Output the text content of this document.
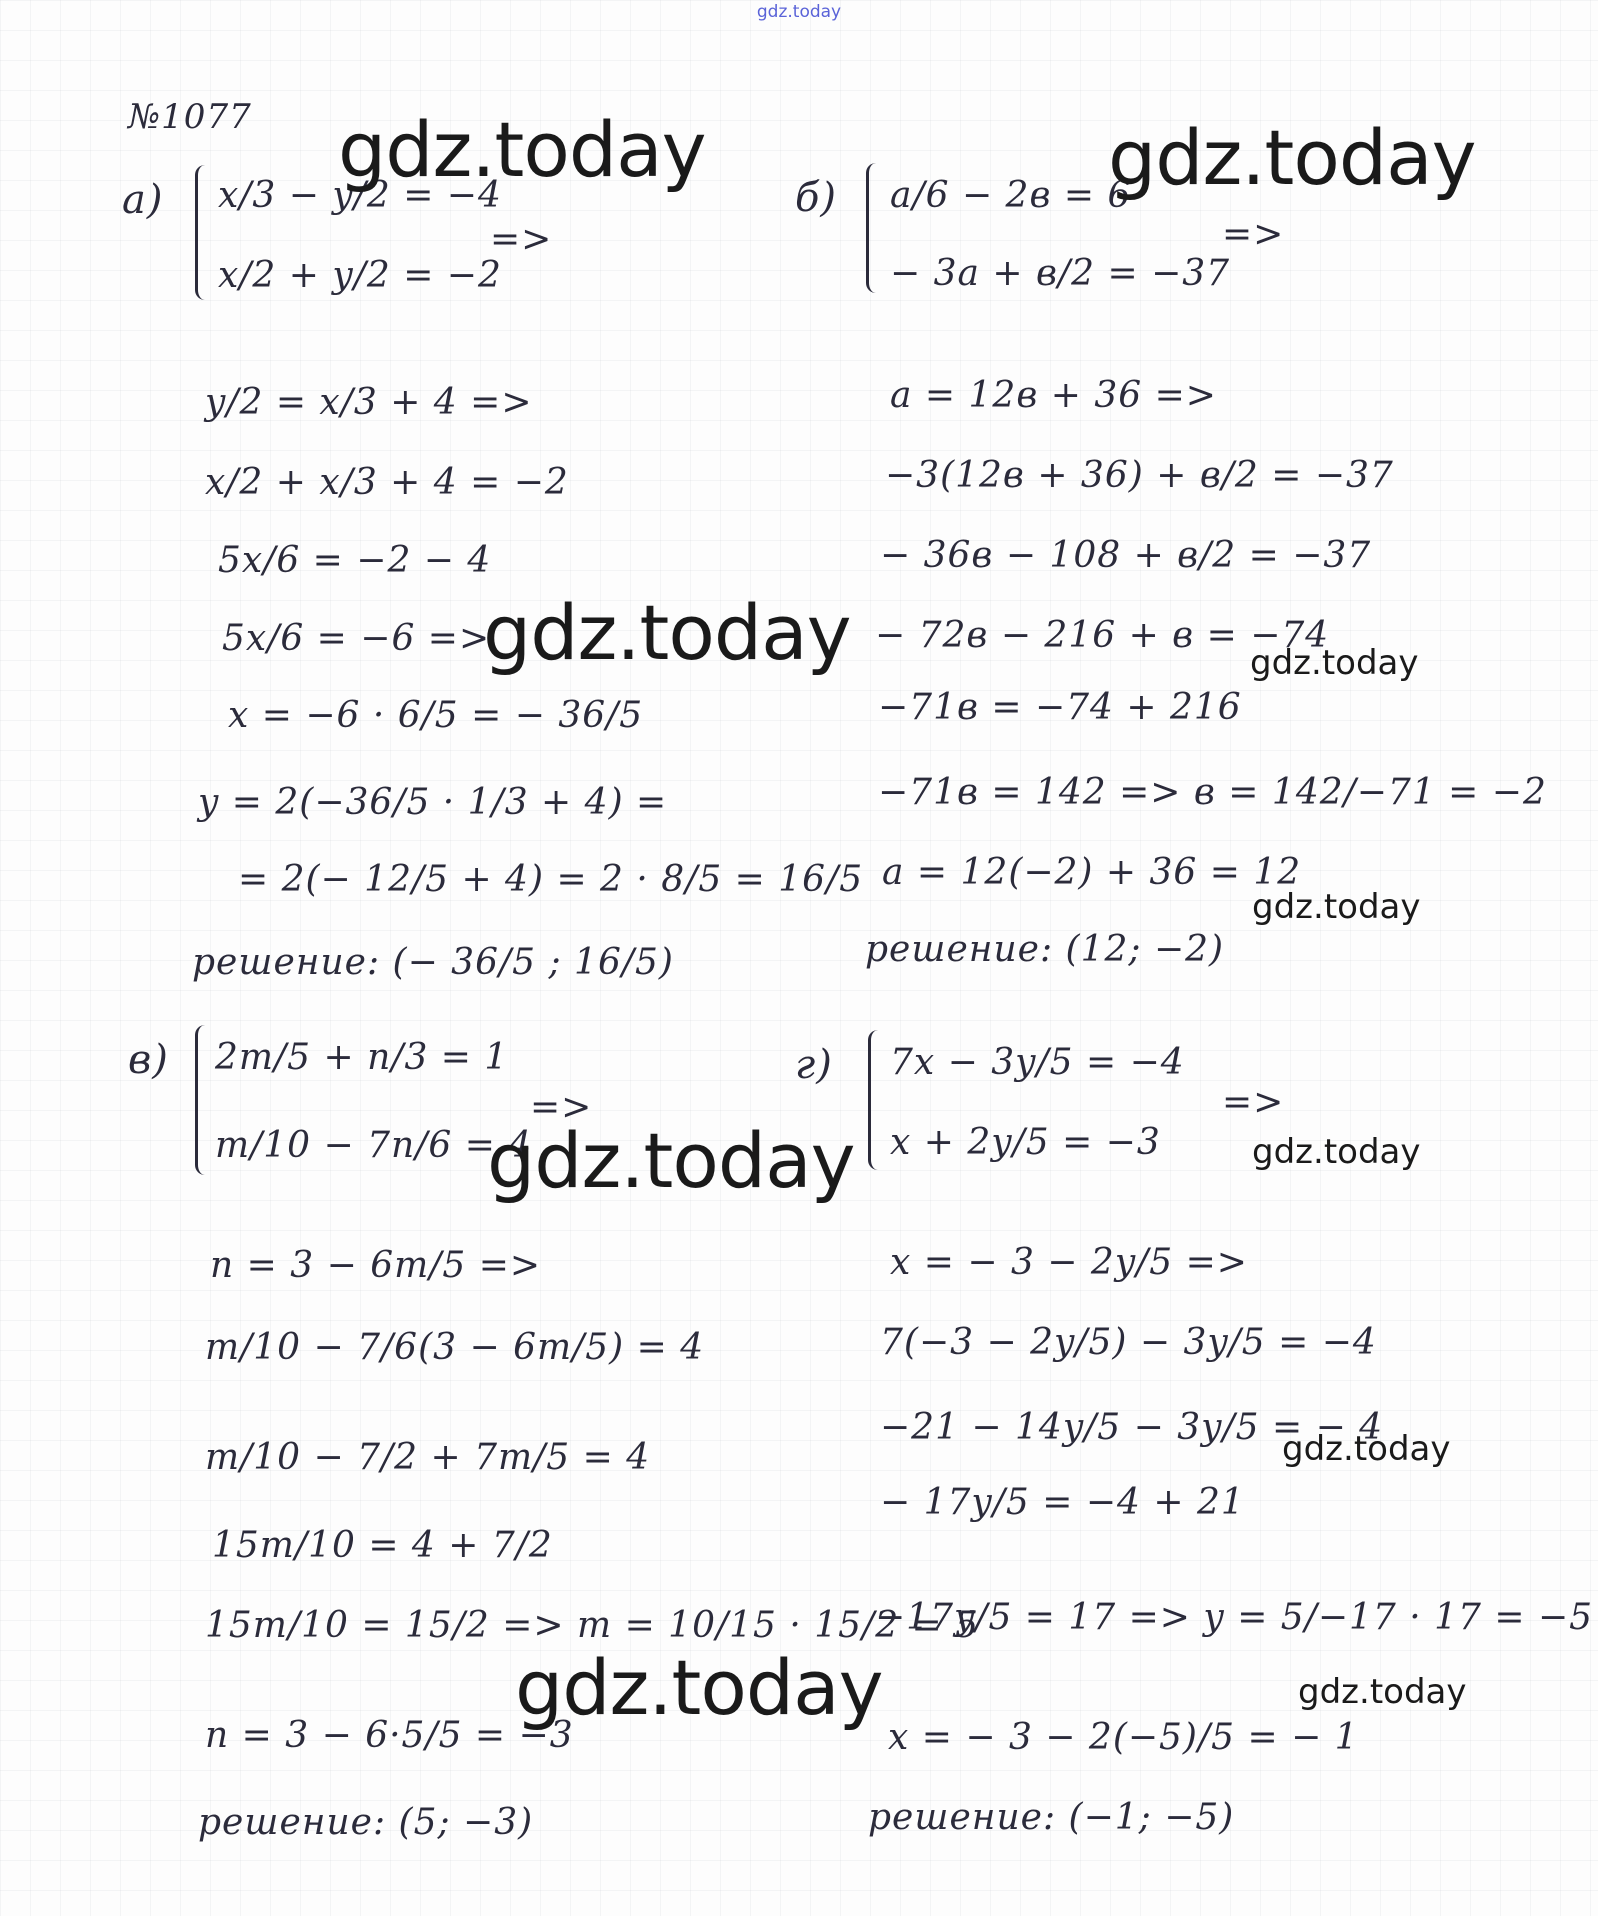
gdz.today
№1077
а) x/3 − y/2 = −4
x/2 + y/2 = −2
=>
y/2 = x/3 + 4 =>
x/2 + x/3 + 4 = −2
5x/6 = −2 − 4
5x/6 = −6 =>
x = −6 · 6/5 = − 36/5
y = 2(−36/5 · 1/3 + 4) =
= 2(− 12/5 + 4) = 2 · 8/5 = 16/5
решение: (− 36/5 ; 16/5)
б) a/6 − 2в = 6
− 3a + в/2 = −37
=>
a = 12в + 36 =>
−3(12в + 36) + в/2 = −37
− 36в − 108 + в/2 = −37
− 72в − 216 + в = −74
−71в = −74 + 216
−71в = 142 => в = 142/−71 = −2
a = 12(−2) + 36 = 12
решение: (12; −2)
в) 2m/5 + n/3 = 1
m/10 − 7n/6 = 4
=>
n = 3 − 6m/5 =>
m/10 − 7/6(3 − 6m/5) = 4
m/10 − 7/2 + 7m/5 = 4
15m/10 = 4 + 7/2
15m/10 = 15/2 => m = 10/15 · 15/2 = 5
n = 3 − 6·5/5 = −3
решение: (5; −3)
г) 7x − 3y/5 = −4
x + 2y/5 = −3
=>
x = − 3 − 2y/5 =>
7(−3 − 2y/5) − 3y/5 = −4
−21 − 14y/5 − 3y/5 = − 4
− 17y/5 = −4 + 21
−17y/5 = 17 => y = 5/−17 · 17 = −5
x = − 3 − 2(−5)/5 = − 1
решение: (−1; −5)
gdz.today	gdz.today
gdz.today
gdz.today
gdz.today
gdz.today
gdz.today
gdz.today
gdz.today
gdz.today
